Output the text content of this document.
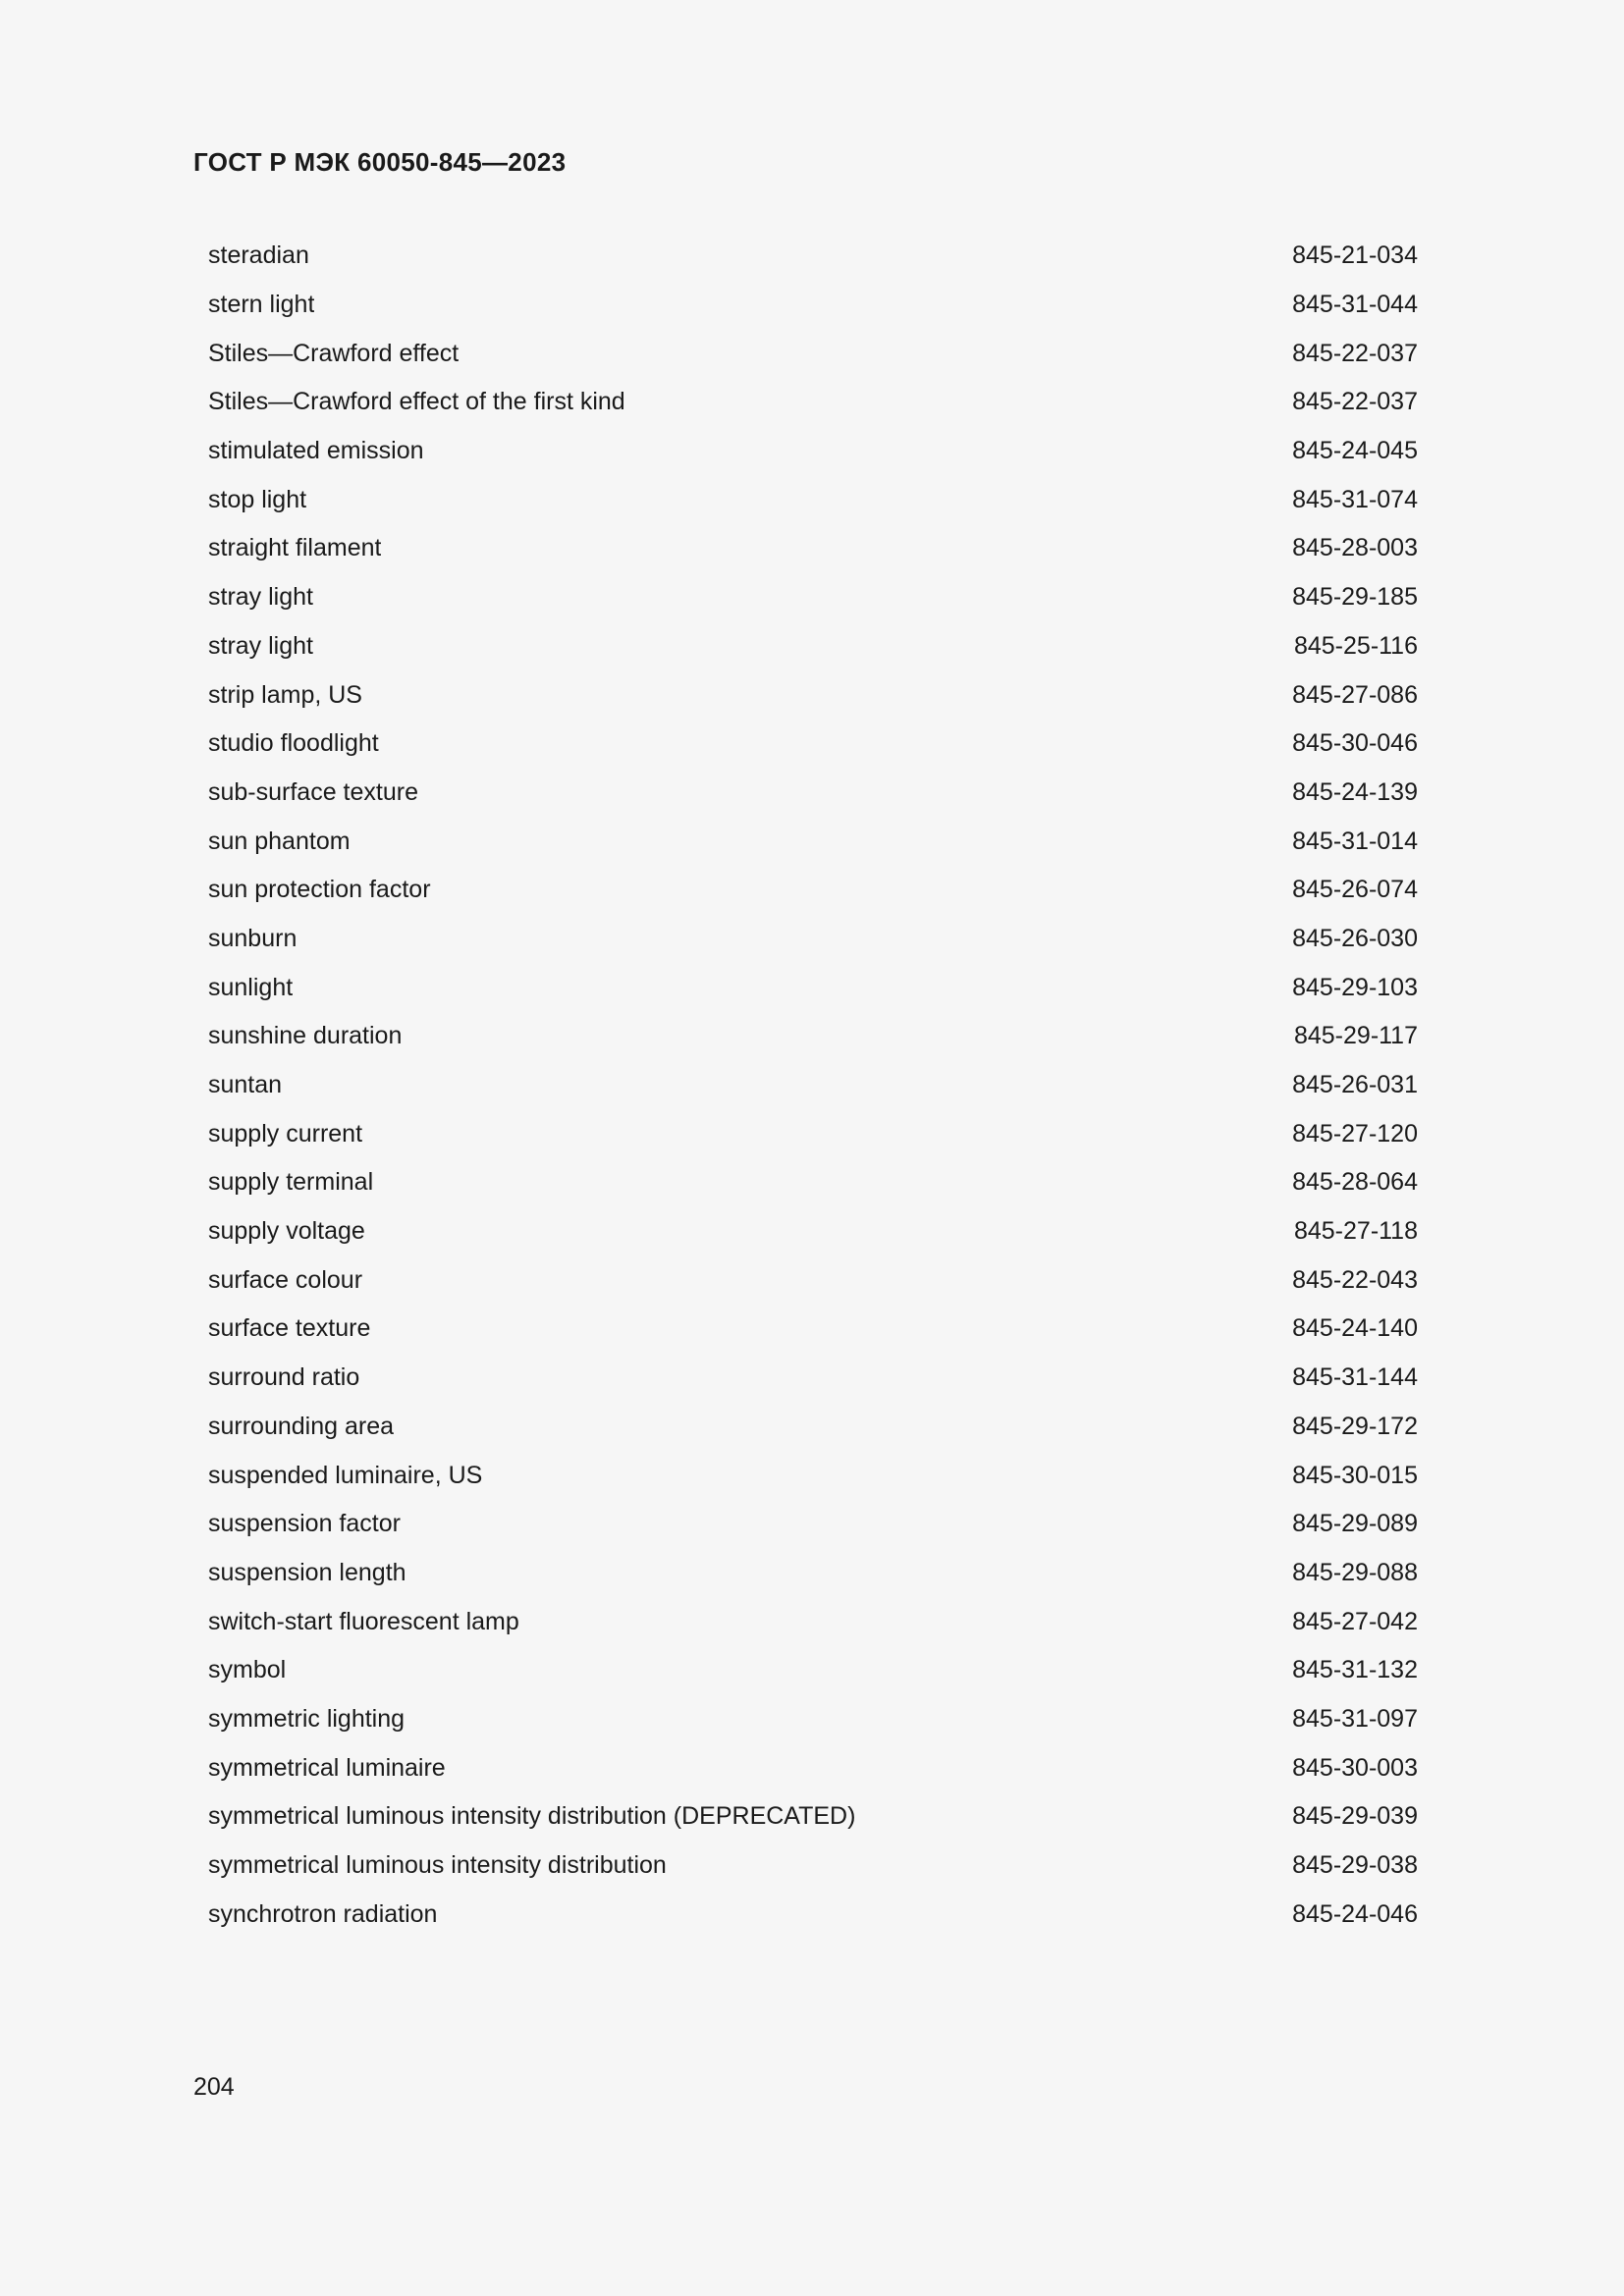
ГОСТ Р МЭК 60050-845—2023
steradian	845-21-034
stern light	845-31-044
Stiles—Crawford effect	845-22-037
Stiles—Crawford effect of the first kind	845-22-037
stimulated emission	845-24-045
stop light	845-31-074
straight filament	845-28-003
stray light	845-29-185
stray light	845-25-116
strip lamp, US	845-27-086
studio floodlight	845-30-046
sub-surface texture	845-24-139
sun phantom	845-31-014
sun protection factor	845-26-074
sunburn	845-26-030
sunlight	845-29-103
sunshine duration	845-29-117
suntan	845-26-031
supply current	845-27-120
supply terminal	845-28-064
supply voltage	845-27-118
surface colour	845-22-043
surface texture	845-24-140
surround ratio	845-31-144
surrounding area	845-29-172
suspended luminaire, US	845-30-015
suspension factor	845-29-089
suspension length	845-29-088
switch-start fluorescent lamp	845-27-042
symbol	845-31-132
symmetric lighting	845-31-097
symmetrical luminaire	845-30-003
symmetrical luminous intensity distribution (DEPRECATED)	845-29-039
symmetrical luminous intensity distribution	845-29-038
synchrotron radiation	845-24-046
204
